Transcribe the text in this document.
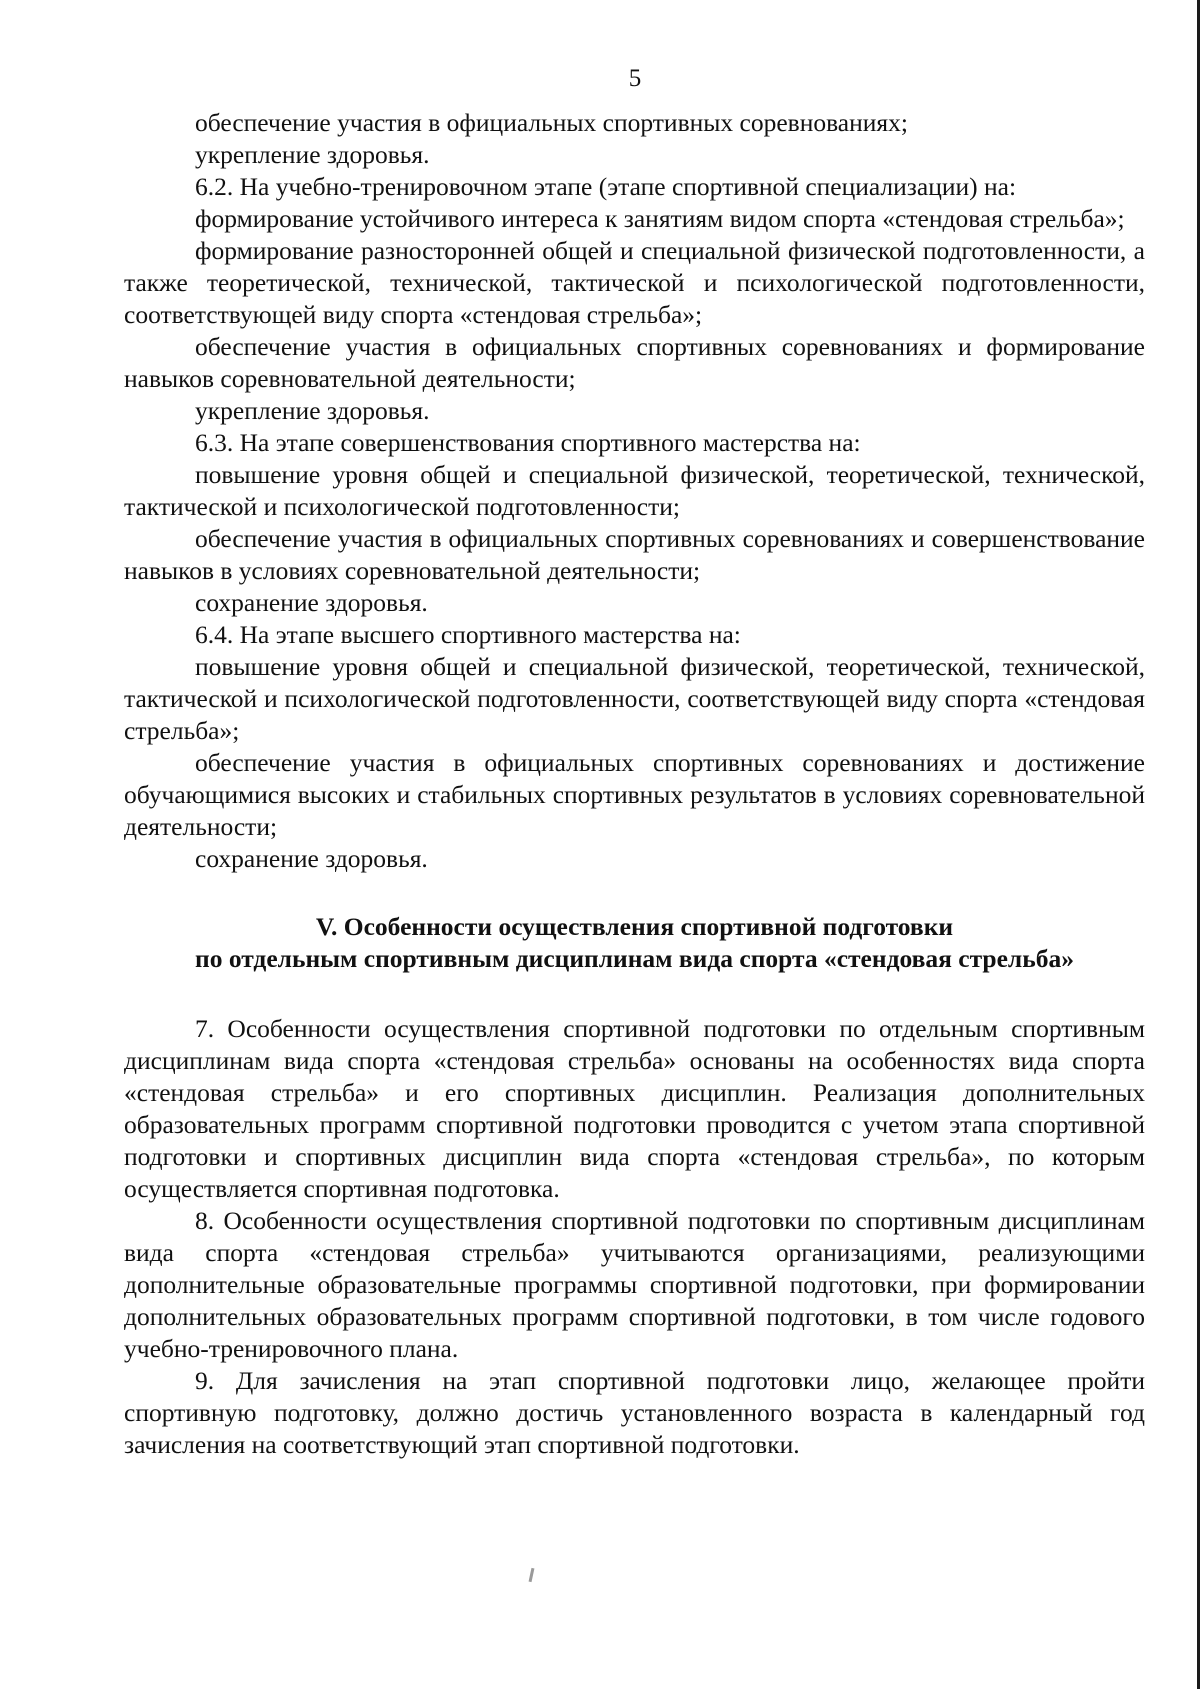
5

обеспечение участия в официальных спортивных соревнованиях;

укрепление здоровья.

6.2. На учебно-тренировочном этапе (этапе спортивной специализации) на:

формирование устойчивого интереса к занятиям видом спорта «стендовая стрельба»;

формирование разносторонней общей и специальной физической подготовленности, а также теоретической, технической, тактической и психологической подготовленности, соответствующей виду спорта «стендовая стрельба»;

обеспечение участия в официальных спортивных соревнованиях и формирование навыков соревновательной деятельности;

укрепление здоровья.

6.3. На этапе совершенствования спортивного мастерства на:

повышение уровня общей и специальной физической, теоретической, технической, тактической и психологической подготовленности;

обеспечение участия в официальных спортивных соревнованиях и совершенствование навыков в условиях соревновательной деятельности;

сохранение здоровья.

6.4. На этапе высшего спортивного мастерства на:

повышение уровня общей и специальной физической, теоретической, технической, тактической и психологической подготовленности, соответствующей виду спорта «стендовая стрельба»;

обеспечение участия в официальных спортивных соревнованиях и достижение обучающимися высоких и стабильных спортивных результатов в условиях соревновательной деятельности;

сохранение здоровья.

V. Особенности осуществления спортивной подготовки

по отдельным спортивным дисциплинам вида спорта «стендовая стрельба»

7. Особенности осуществления спортивной подготовки по отдельным спортивным дисциплинам вида спорта «стендовая стрельба» основаны на особенностях вида спорта «стендовая стрельба» и его спортивных дисциплин. Реализация дополнительных образовательных программ спортивной подготовки проводится с учетом этапа спортивной подготовки и спортивных дисциплин вида спорта «стендовая стрельба», по которым осуществляется спортивная подготовка.

8. Особенности осуществления спортивной подготовки по спортивным дисциплинам вида спорта «стендовая стрельба» учитываются организациями, реализующими дополнительные образовательные программы спортивной подготовки, при формировании дополнительных образовательных программ спортивной подготовки, в том числе годового учебно-тренировочного плана.

9. Для зачисления на этап спортивной подготовки лицо, желающее пройти спортивную подготовку, должно достичь установленного возраста в календарный год зачисления на соответствующий этап спортивной подготовки.
